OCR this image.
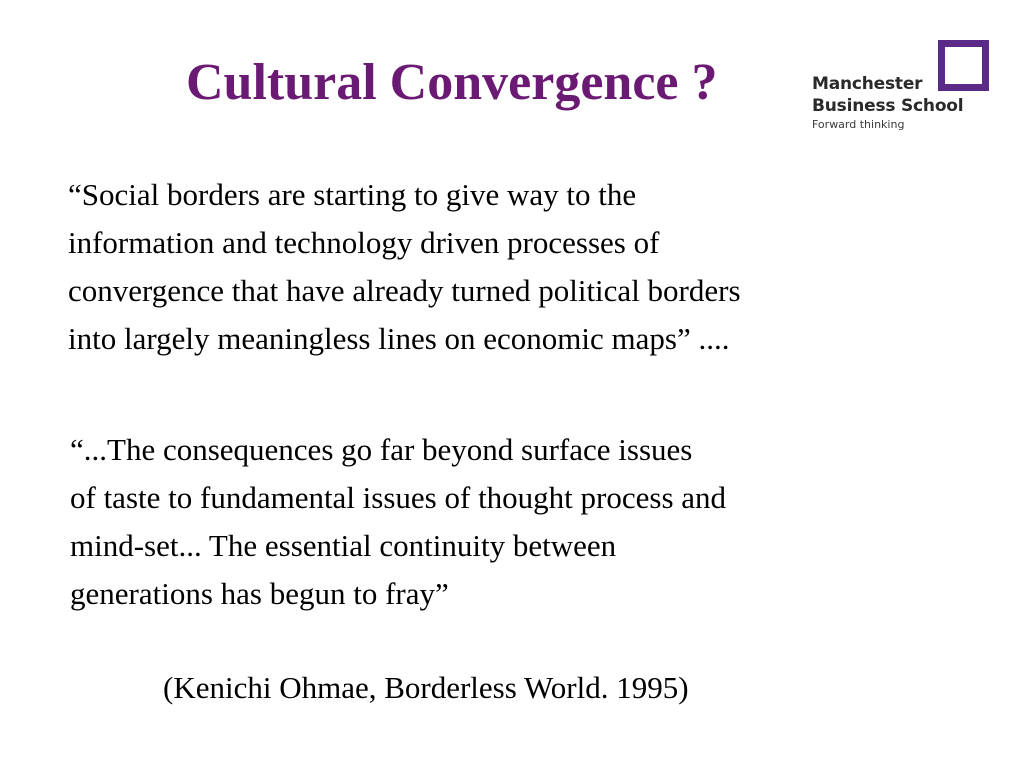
Cultural Convergence ?	Manchester
Business School
Forward thinking

“Social borders are starting to give way to the
information and technology driven processes of
convergence that have already turned political borders
into largely meaningless lines on economic maps” ....

“...The consequences go far beyond surface issues
of taste to fundamental issues of thought process and
mind-set... The essential continuity between
generations has begun to fray”

(Kenichi Ohmae, Borderless World. 1995)
